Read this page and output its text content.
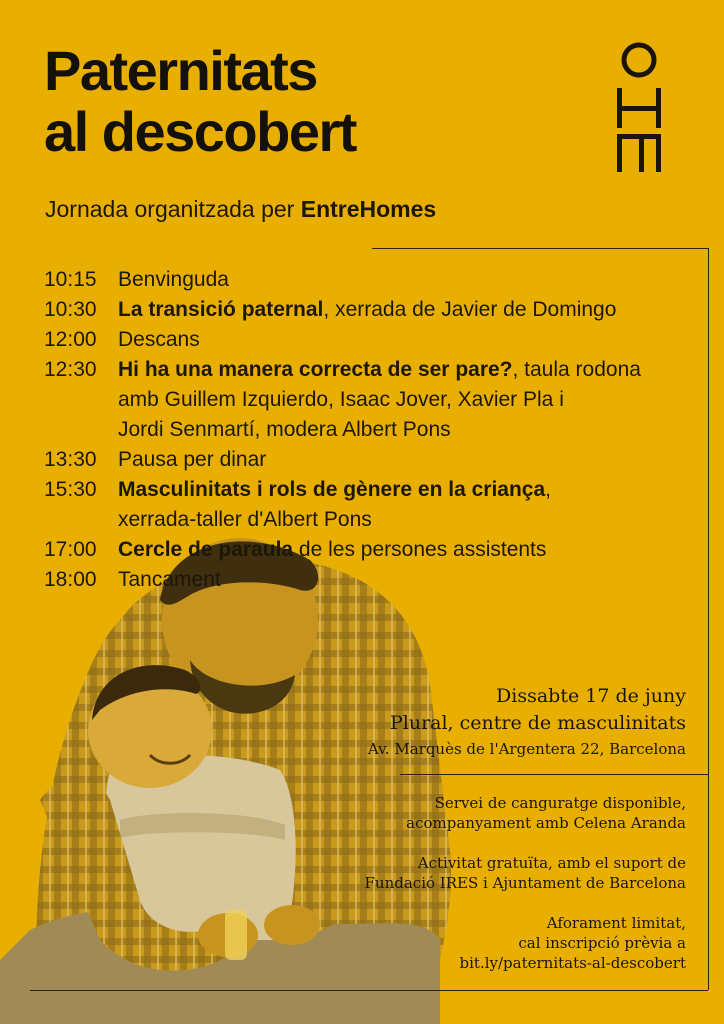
Paternitats
al descobert

Jornada organitzada per EntreHomes

10:15	Benvinguda
10:30	La transició paternal, xerrada de Javier de Domingo
12:00	Descans
12:30	Hi ha una manera correcta de ser pare?, taula rodona
amb Guillem Izquierdo, Isaac Jover, Xavier Pla i
Jordi Senmartí, modera Albert Pons
13:30	Pausa per dinar
15:30	Masculinitats i rols de gènere en la criança,
xerrada-taller d'Albert Pons
17:00	Cercle de paraula de les persones assistents
18:00	Tancament
Dissabte 17 de juny
Plural, centre de masculinitats
Av. Marquès de l'Argentera 22, Barcelona
Servei de canguratge disponible,
acompanyament amb Celena Aranda
Activitat gratuïta, amb el suport de
Fundació IRES i Ajuntament de Barcelona
Aforament limitat,
cal inscripció prèvia a
bit.ly/paternitats-al-descobert
